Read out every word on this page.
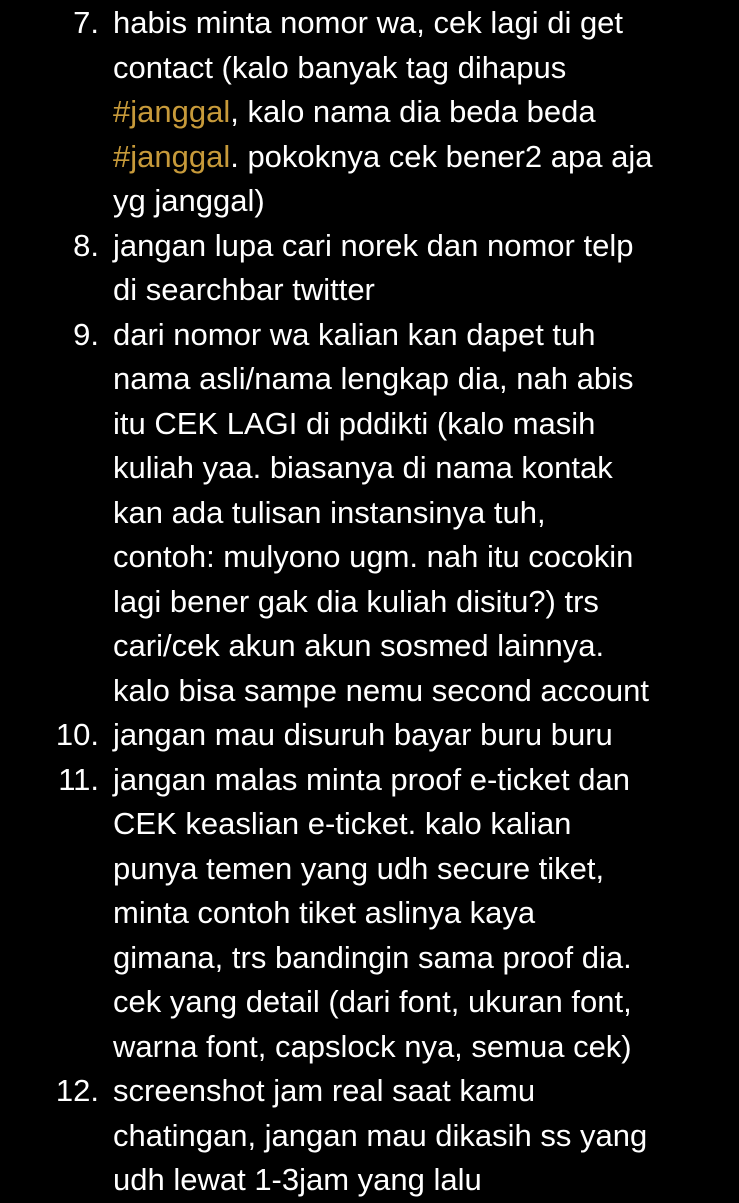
7. habis minta nomor wa, cek lagi di get
contact (kalo banyak tag dihapus
#janggal, kalo nama dia beda beda
#janggal. pokoknya cek bener2 apa aja
yg janggal)
8. jangan lupa cari norek dan nomor telp
di searchbar twitter
9. dari nomor wa kalian kan dapet tuh
nama asli/nama lengkap dia, nah abis
itu CEK LAGI di pddikti (kalo masih
kuliah yaa. biasanya di nama kontak
kan ada tulisan instansinya tuh,
contoh: mulyono ugm. nah itu cocokin
lagi bener gak dia kuliah disitu?) trs
cari/cek akun akun sosmed lainnya.
kalo bisa sampe nemu second account
10. jangan mau disuruh bayar buru buru
11. jangan malas minta proof e-ticket dan
CEK keaslian e-ticket. kalo kalian
punya temen yang udh secure tiket,
minta contoh tiket aslinya kaya
gimana, trs bandingin sama proof dia.
cek yang detail (dari font, ukuran font,
warna font, capslock nya, semua cek)
12. screenshot jam real saat kamu
chatingan, jangan mau dikasih ss yang
udh lewat 1-3jam yang lalu
